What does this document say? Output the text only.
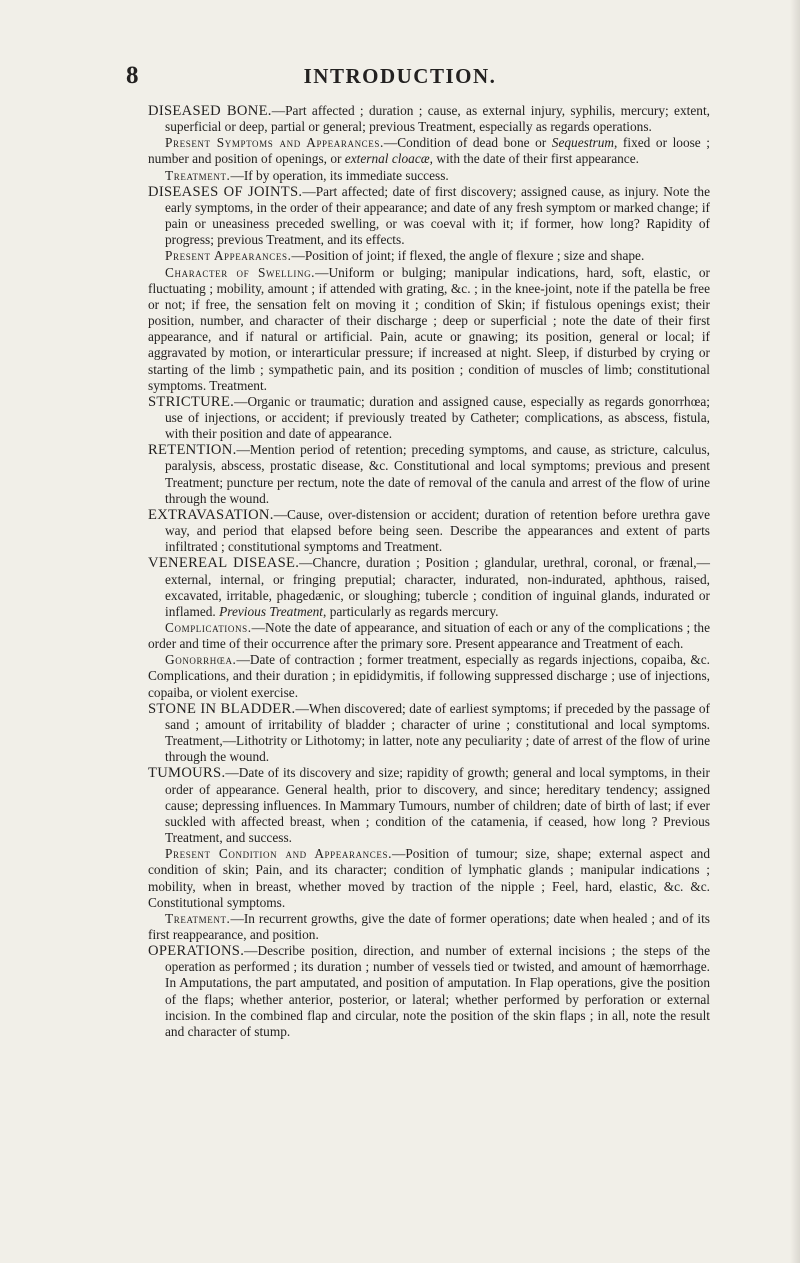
8	INTRODUCTION.

DISEASED BONE.—Part affected ; duration ; cause, as external injury, syphilis, mercury; extent, superficial or deep, partial or general; previous Treatment, especially as regards operations.

Present Symptoms and Appearances.—Condition of dead bone or Sequestrum, fixed or loose ; number and position of openings, or external cloacæ, with the date of their first appearance.

Treatment.—If by operation, its immediate success.

DISEASES OF JOINTS.—Part affected; date of first discovery; assigned cause, as injury. Note the early symptoms, in the order of their appearance; and date of any fresh symptom or marked change; if pain or uneasiness preceded swelling, or was coeval with it; if former, how long? Rapidity of progress; previous Treatment, and its effects.

Present Appearances.—Position of joint; if flexed, the angle of flexure ; size and shape.

Character of Swelling.—Uniform or bulging; manipular indications, hard, soft, elastic, or fluctuating ; mobility, amount ; if attended with grating, &c. ; in the knee-joint, note if the patella be free or not; if free, the sensation felt on moving it ; condition of Skin; if fistulous openings exist; their position, number, and character of their discharge ; deep or superficial ; note the date of their first appearance, and if natural or artificial. Pain, acute or gnawing; its position, general or local; if aggravated by motion, or interarticular pressure; if increased at night. Sleep, if disturbed by crying or starting of the limb ; sympathetic pain, and its position ; condition of muscles of limb; constitutional symptoms. Treatment.

STRICTURE.—Organic or traumatic; duration and assigned cause, especially as regards gonorrhœa; use of injections, or accident; if previously treated by Catheter; complications, as abscess, fistula, with their position and date of appearance.

RETENTION.—Mention period of retention; preceding symptoms, and cause, as stricture, calculus, paralysis, abscess, prostatic disease, &c. Constitutional and local symptoms; previous and present Treatment; puncture per rectum, note the date of removal of the canula and arrest of the flow of urine through the wound.

EXTRAVASATION.—Cause, over-distension or accident; duration of retention before urethra gave way, and period that elapsed before being seen. Describe the appearances and extent of parts infiltrated ; constitutional symptoms and Treatment.

VENEREAL DISEASE.—Chancre, duration ; Position ; glandular, urethral, coronal, or frænal,—external, internal, or fringing preputial; character, indurated, non-indurated, aphthous, raised, excavated, irritable, phagedænic, or sloughing; tubercle ; condition of inguinal glands, indurated or inflamed. Previous Treatment, particularly as regards mercury.

Complications.—Note the date of appearance, and situation of each or any of the complications ; the order and time of their occurrence after the primary sore. Present appearance and Treatment of each.

Gonorrhœa.—Date of contraction ; former treatment, especially as regards injections, copaiba, &c. Complications, and their duration ; in epididymitis, if following suppressed discharge ; use of injections, copaiba, or violent exercise.

STONE IN BLADDER.—When discovered; date of earliest symptoms; if preceded by the passage of sand ; amount of irritability of bladder ; character of urine ; constitutional and local symptoms. Treatment,—Lithotrity or Lithotomy; in latter, note any peculiarity ; date of arrest of the flow of urine through the wound.

TUMOURS.—Date of its discovery and size; rapidity of growth; general and local symptoms, in their order of appearance. General health, prior to discovery, and since; hereditary tendency; assigned cause; depressing influences. In Mammary Tumours, number of children; date of birth of last; if ever suckled with affected breast, when ; condition of the catamenia, if ceased, how long ? Previous Treatment, and success.

Present Condition and Appearances.—Position of tumour; size, shape; external aspect and condition of skin; Pain, and its character; condition of lymphatic glands ; manipular indications ; mobility, when in breast, whether moved by traction of the nipple ; Feel, hard, elastic, &c. &c. Constitutional symptoms.

Treatment.—In recurrent growths, give the date of former operations; date when healed ; and of its first reappearance, and position.

OPERATIONS.—Describe position, direction, and number of external incisions ; the steps of the operation as performed ; its duration ; number of vessels tied or twisted, and amount of hæmorrhage. In Amputations, the part amputated, and position of amputation. In Flap operations, give the position of the flaps; whether anterior, posterior, or lateral; whether performed by perforation or external incision. In the combined flap and circular, note the position of the skin flaps ; in all, note the result and character of stump.
